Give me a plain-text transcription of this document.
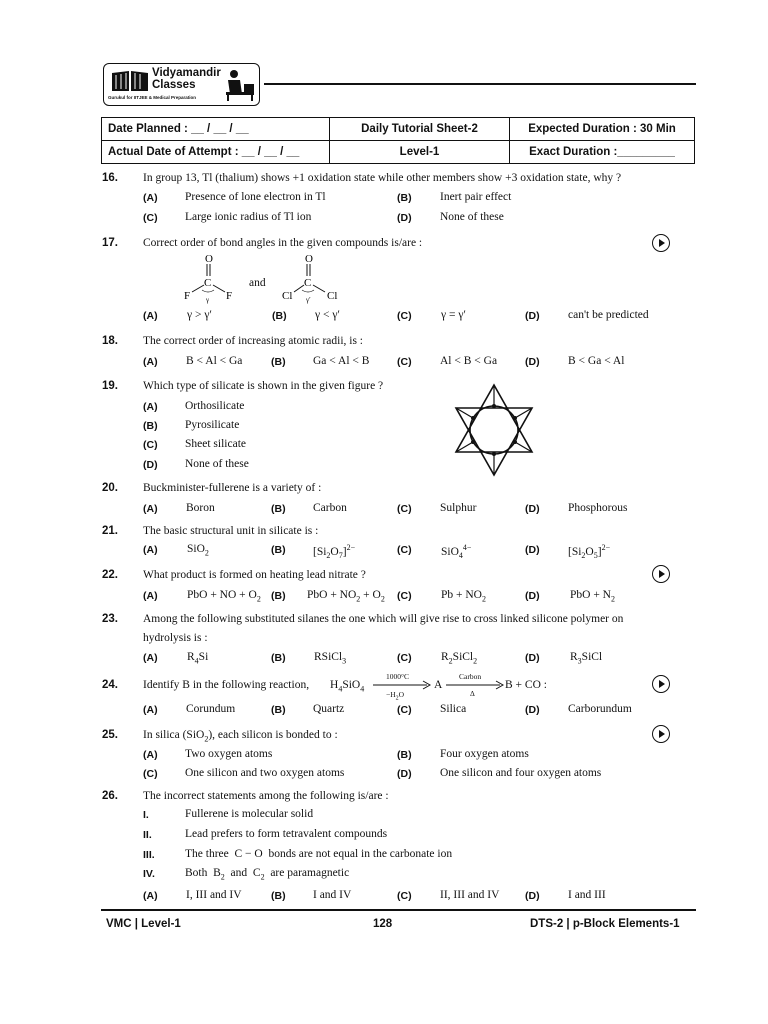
Vidyamandir
Classes
Gurukul for IITJEE & Medical Preparation
Date Planned : __ / __ / __	Daily Tutorial Sheet-2	Expected Duration : 30 Min
Actual Date of Attempt : __ / __ / __	Level-1	Exact Duration :_________
16. In group 13, Tl (thalium) shows +1 oxidation state while other members show +3 oxidation state, why ?
(A) Presence of lone electron in Tl	(B) Inert pair effect
(C) Large ionic radius of Tl ion	(D) None of these
17. Correct order of bond angles in the given compounds is/are :
O
C
F γ F
and
O
C
Cl γ′ Cl
(A)	γ > γ′	(B) γ < γ′	(C)	γ = γ′	(D) can't be predicted
18. The correct order of increasing atomic radii, is :
(A) B < Al < Ga	(B) Ga < Al < B	(C) Al < B < Ga	(D) B < Ga < Al
19. Which type of silicate is shown in the given figure ?
(A) Orthosilicate
(B) Pyrosilicate
(C) Sheet silicate
(D) None of these
20. Buckminister-fullerene is a variety of :
(A) Boron	(B) Carbon	(C) Sulphur	(D) Phosphorous
21. The basic structural unit in silicate is :
(A)	SiO$_2$	(B) $[Si_2O_7]^{2-}$	(C)	SiO$_4^{4-}$	(D) $[Si_2O_5]^{2-}$
22. What product is formed on heating lead nitrate ?
(A)	PbO + NO + $O_2$ (B) PbO + $NO_2 + O_2$ (C)	$Pb + NO_2$	(D)	PbO + $N_2$
23. Among the following substituted silanes the one which will give rise to cross linked silicone polymer on
hydrolysis is :
(A)	$R_4Si$	(B) RSiCl$_3$	(C)	$R_2SiCl_2$	(D)	$R_3SiCl$
24. Identify B in the following reaction, $H_4SiO_4$
1000°C
$-H_2O$
A
Carbon
Δ
B + CO :
(A) Corundum	(B) Quartz	(C) Silica	(D) Carborundum
25. In silica (SiO$_2$), each silicon is bonded to :
(A) Two oxygen atoms	(B) Four oxygen atoms
(C) One silicon and two oxygen atoms	(D) One silicon and four oxygen atoms
26. The incorrect statements among the following is/are :
I.	Fullerene is molecular solid
II.	Lead prefers to form tetravalent compounds
III.	The three  C − O  bonds are not equal in the carbonate ion
IV.	Both  $B_2$  and  $C_2$  are paramagnetic
(A) I, III and IV	(B) I and IV	(C) II, III and IV (D) I and III
VMC | Level-1	128	DTS-2 | p-Block Elements-1
